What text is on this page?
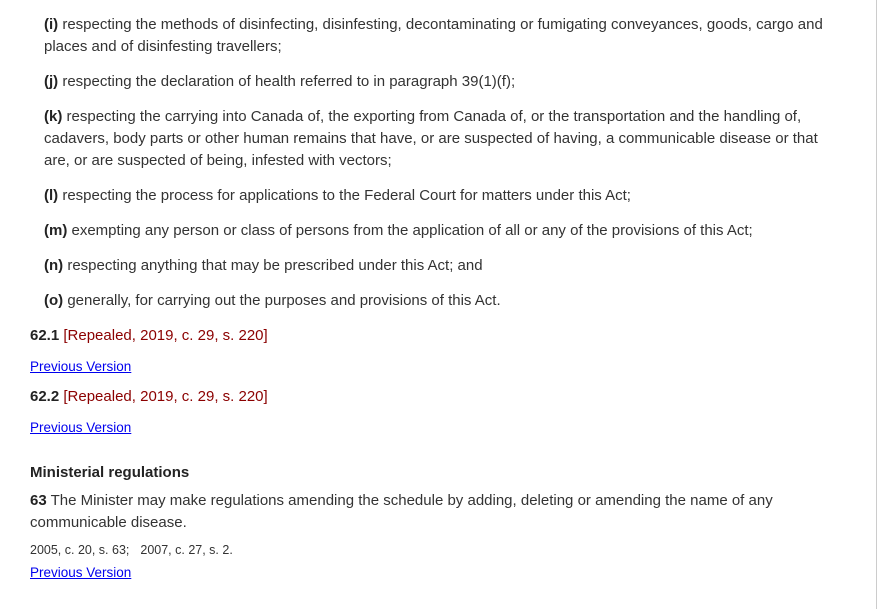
(i) respecting the methods of disinfecting, disinfesting, decontaminating or fumigating conveyances, goods, cargo and places and of disinfesting travellers;

(j) respecting the declaration of health referred to in paragraph 39(1)(f);

(k) respecting the carrying into Canada of, the exporting from Canada of, or the transportation and the handling of, cadavers, body parts or other human remains that have, or are suspected of having, a communicable disease or that are, or are suspected of being, infested with vectors;

(l) respecting the process for applications to the Federal Court for matters under this Act;

(m) exempting any person or class of persons from the application of all or any of the provisions of this Act;

(n) respecting anything that may be prescribed under this Act; and

(o) generally, for carrying out the purposes and provisions of this Act.

62.1 [Repealed, 2019, c. 29, s. 220]

Previous Version

62.2 [Repealed, 2019, c. 29, s. 220]

Previous Version

Ministerial regulations

63 The Minister may make regulations amending the schedule by adding, deleting or amending the name of any communicable disease.

2005, c. 20, s. 63; 2007, c. 27, s. 2.

Previous Version
